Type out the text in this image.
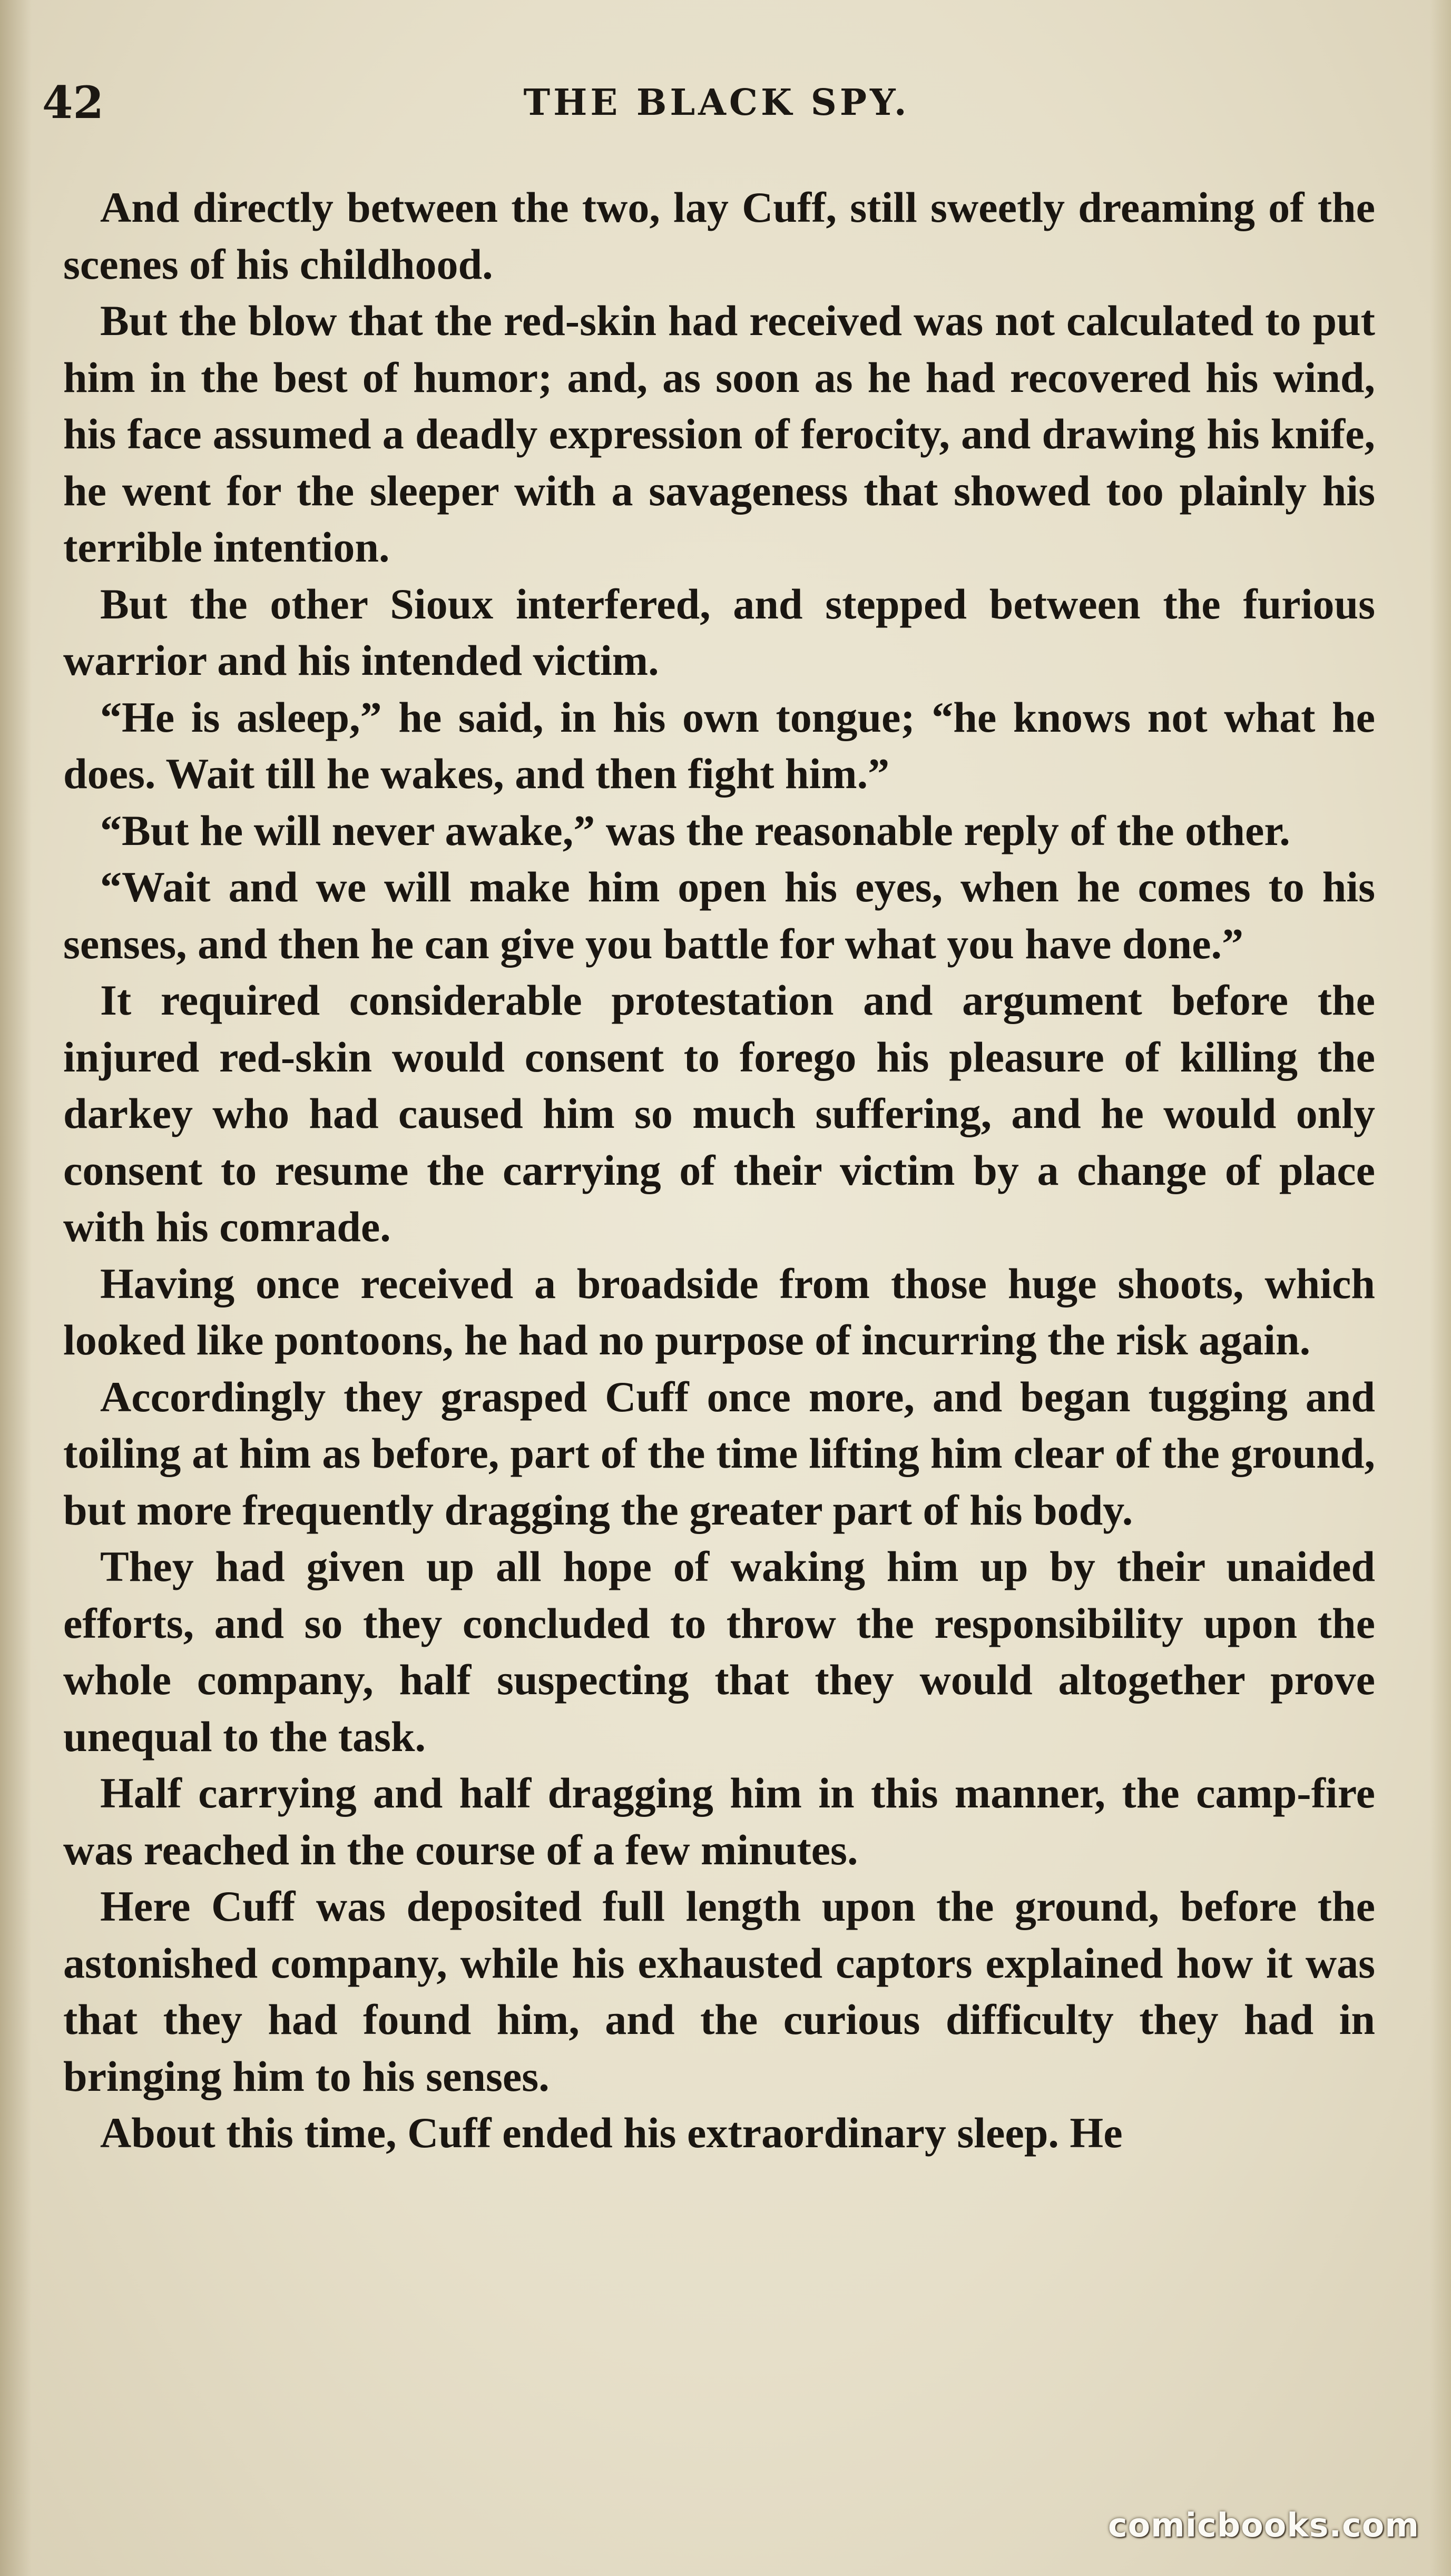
42	THE BLACK SPY.

And directly between the two, lay Cuff, still sweetly dreaming of the scenes of his childhood.

But the blow that the red-skin had received was not calculated to put him in the best of humor; and, as soon as he had recovered his wind, his face assumed a deadly expression of ferocity, and drawing his knife, he went for the sleeper with a savageness that showed too plainly his terrible intention.

But the other Sioux interfered, and stepped between the furious warrior and his intended victim.

“He is asleep,” he said, in his own tongue; “he knows not what he does. Wait till he wakes, and then fight him.”

“But he will never awake,” was the reasonable reply of the other.

“Wait and we will make him open his eyes, when he comes to his senses, and then he can give you battle for what you have done.”

It required considerable protestation and argument before the injured red-skin would consent to forego his pleasure of killing the darkey who had caused him so much suffering, and he would only consent to resume the carrying of their victim by a change of place with his comrade.

Having once received a broadside from those huge shoots, which looked like pontoons, he had no purpose of incurring the risk again.

Accordingly they grasped Cuff once more, and began tugging and toiling at him as before, part of the time lifting him clear of the ground, but more frequently dragging the greater part of his body.

They had given up all hope of waking him up by their unaided efforts, and so they concluded to throw the responsibility upon the whole company, half suspecting that they would altogether prove unequal to the task.

Half carrying and half dragging him in this manner, the camp-fire was reached in the course of a few minutes.

Here Cuff was deposited full length upon the ground, before the astonished company, while his exhausted captors explained how it was that they had found him, and the curious difficulty they had in bringing him to his senses.

About this time, Cuff ended his extraordinary sleep. He

comicbooks.com
